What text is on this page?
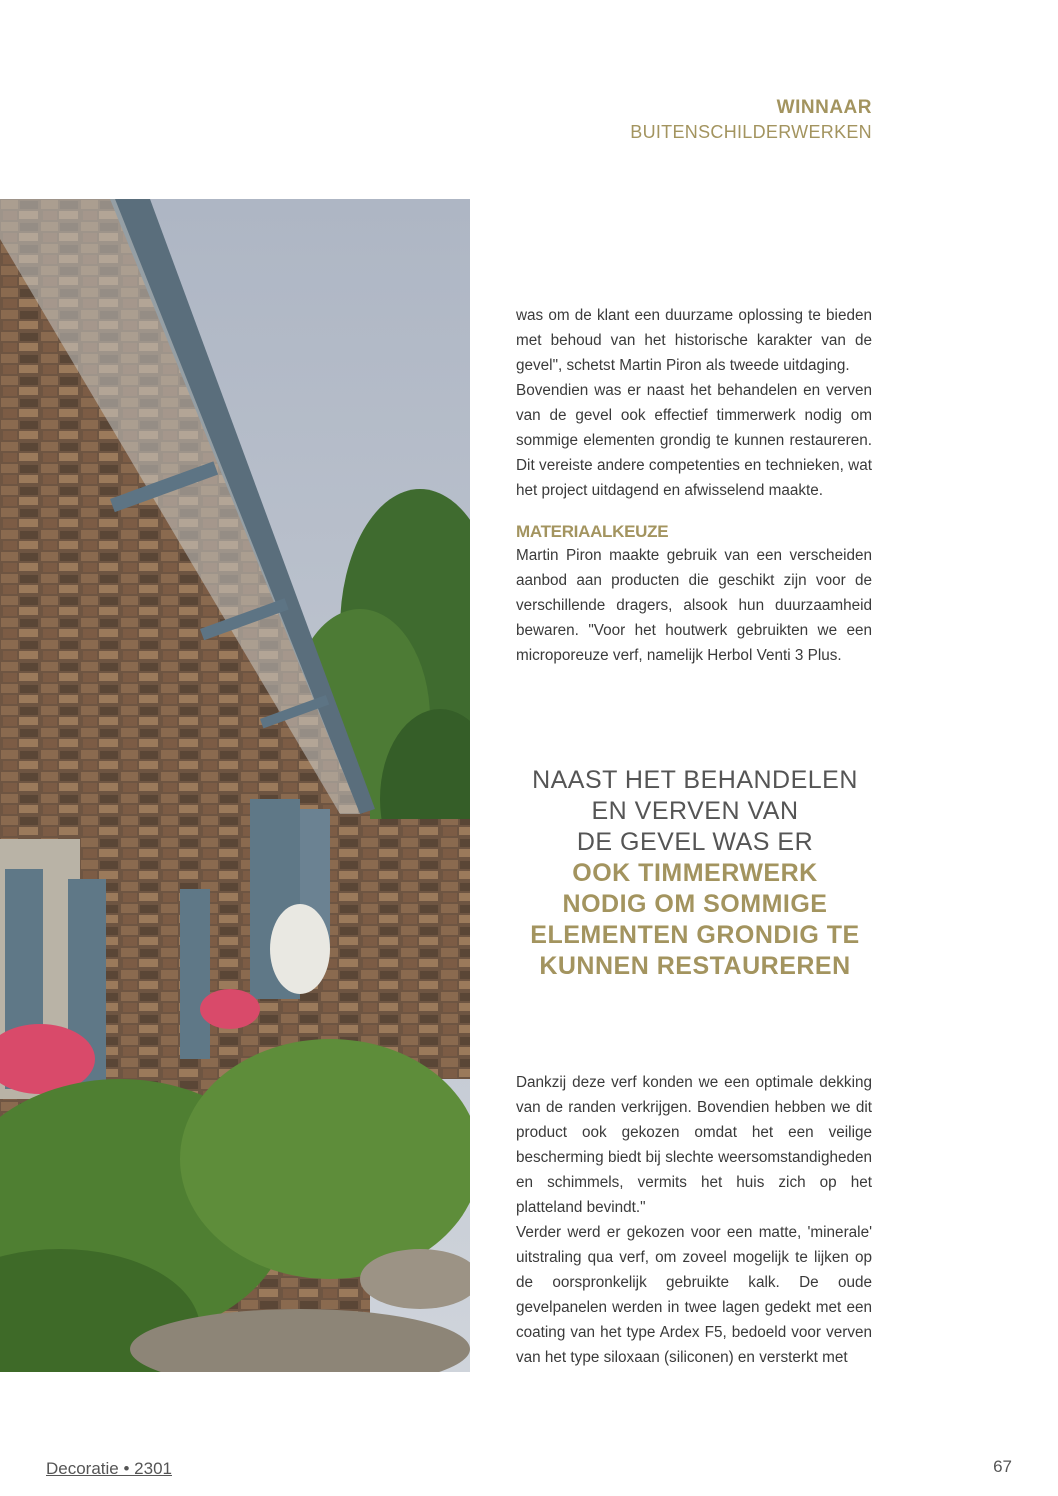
WINNAAR
BUITENSCHILDERWERKEN

was om de klant een duurzame oplossing te bieden met behoud van het historische karakter van de gevel", schetst Martin Piron als tweede uitdaging.

Bovendien was er naast het behandelen en verven van de gevel ook effectief timmerwerk nodig om sommige elementen grondig te kunnen restaureren. Dit vereiste andere competenties en technieken, wat het project uitdagend en afwisselend maakte.

MATERIAALKEUZE

Martin Piron maakte gebruik van een verscheiden aanbod aan producten die geschikt zijn voor de verschillende dragers, alsook hun duurzaamheid bewaren. "Voor het houtwerk gebruikten we een microporeuze verf, namelijk Herbol Venti 3 Plus.

NAAST HET BEHANDELEN
EN VERVEN VAN
DE GEVEL WAS ER
OOK TIMMERWERK
NODIG OM SOMMIGE
ELEMENTEN GRONDIG TE
KUNNEN RESTAUREREN

Dankzij deze verf konden we een optimale dekking van de randen verkrijgen. Bovendien hebben we dit product ook gekozen omdat het een veilige bescherming biedt bij slechte weersomstandigheden en schimmels, vermits het huis zich op het platteland bevindt."

Verder werd er gekozen voor een matte, 'minerale' uitstraling qua verf, om zoveel mogelijk te lijken op de oorspronkelijk gebruikte kalk. De oude gevelpanelen werden in twee lagen gedekt met een coating van het type Ardex F5, bedoeld voor verven van het type siloxaan (siliconen) en versterkt met

Decoratie • 2301	67
